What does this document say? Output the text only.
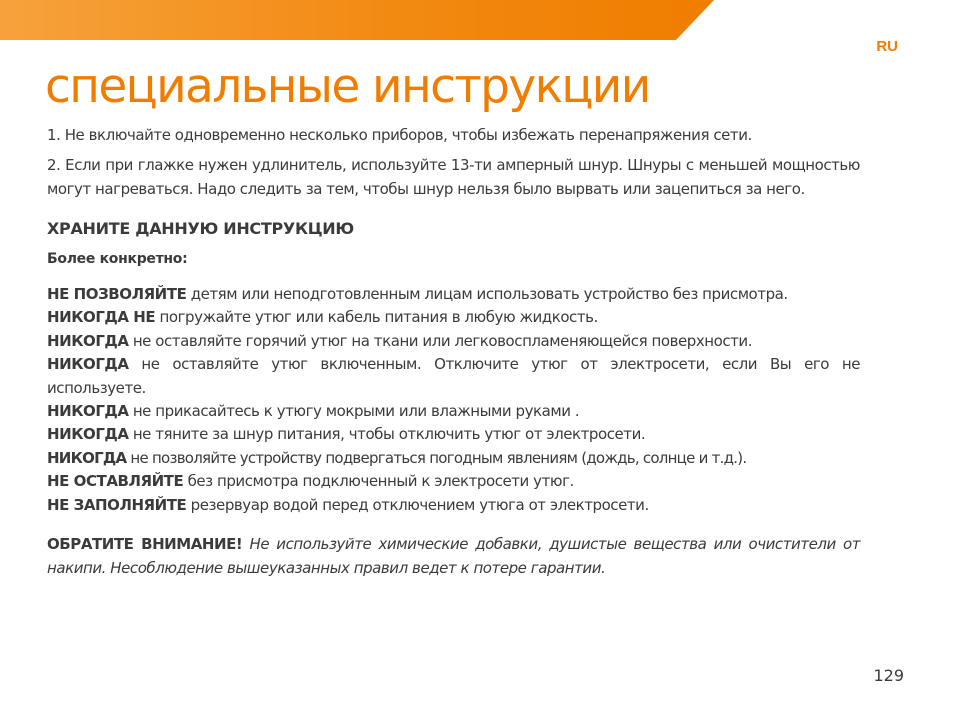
RU
специальные инструкции

1. Не включайте одновременно несколько приборов, чтобы избежать перенапряжения сети.

2. Если при глажке нужен удлинитель, используйте 13-ти амперный шнур. Шнуры с меньшей мощностью могут нагреваться. Надо следить за тем, чтобы шнур нельзя было вырвать или зацепиться за него.

ХРАНИТЕ ДАННУЮ ИНСТРУКЦИЮ

Более конкретно:

НЕ ПОЗВОЛЯЙТЕ детям или неподготовленным лицам использовать устройство без присмотра.

НИКОГДА НЕ погружайте утюг или кабель питания в любую жидкость.

НИКОГДА не оставляйте горячий утюг на ткани или легковоспламеняющейся поверхности.

НИКОГДА не оставляйте утюг включенным. Отключите утюг от электросети, если Вы его не используете.

НИКОГДА не прикасайтесь к утюгу мокрыми или влажными руками .

НИКОГДА не тяните за шнур питания, чтобы отключить утюг от электросети.

НИКОГДА не позволяйте устройству подвергаться погодным явлениям (дождь, солнце и т.д.).

НЕ ОСТАВЛЯЙТЕ без присмотра подключенный к электросети утюг.

НЕ ЗАПОЛНЯЙТЕ резервуар водой перед отключением утюга от электросети.

ОБРАТИТЕ ВНИМАНИЕ! Не используйте химические добавки, душистые вещества или очистители от накипи. Несоблюдение вышеуказанных правил ведет к потере гарантии.

129
